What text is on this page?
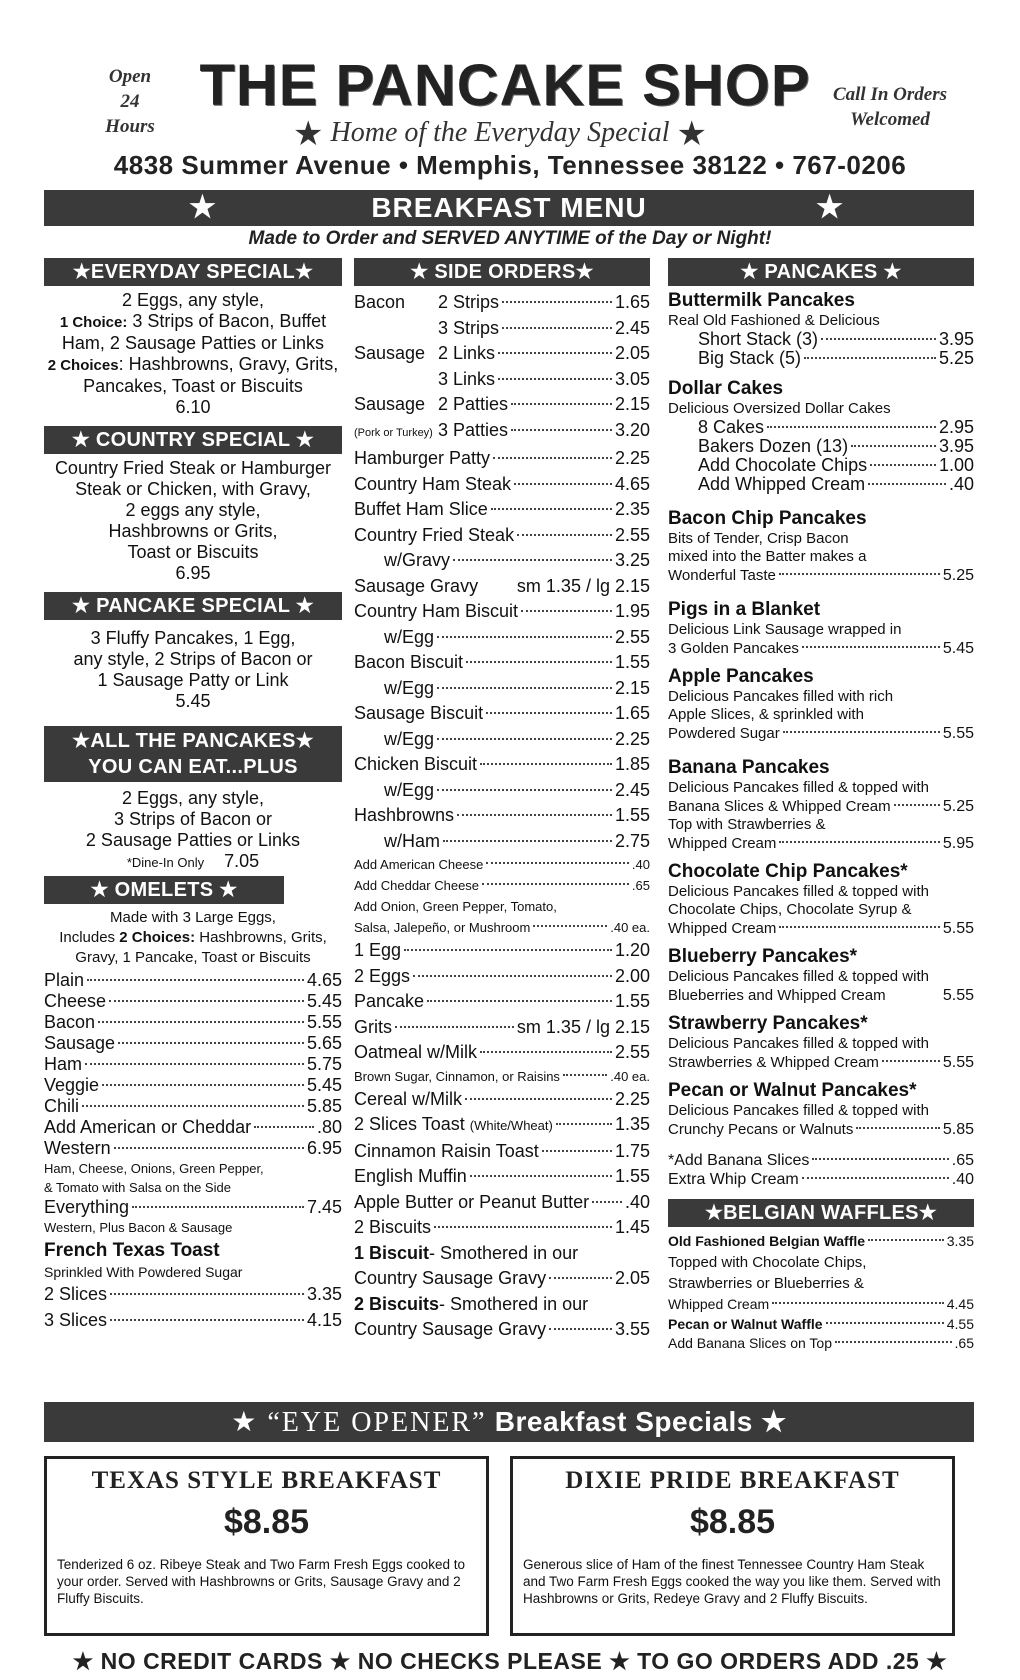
Open
24
Hours
THE PANCAKE SHOP	Call In Orders
Welcomed
★ Home of the Everyday Special ★
4838 Summer Avenue • Memphis, Tennessee 38122 • 767-0206
★	BREAKFAST MENU	★
Made to Order and SERVED ANYTIME of the Day or Night!
★EVERYDAY SPECIAL★
2 Eggs, any style,
1 Choice: 3 Strips of Bacon, Buffet
Ham, 2 Sausage Patties or Links
2 Choices: Hashbrowns, Gravy, Grits,
Pancakes, Toast or Biscuits
6.10
★ COUNTRY SPECIAL ★
Country Fried Steak or Hamburger
Steak or Chicken, with Gravy,
2 eggs any style,
Hashbrowns or Grits,
Toast or Biscuits
6.95
★ PANCAKE SPECIAL ★
3 Fluffy Pancakes, 1 Egg,
any style, 2 Strips of Bacon or
1 Sausage Patty or Link
5.45
★ALL THE PANCAKES★
YOU CAN EAT...PLUS
2 Eggs, any style,
3 Strips of Bacon or
2 Sausage Patties or Links
*Dine-In Only 7.05
★ OMELETS ★
Made with 3 Large Eggs,
Includes 2 Choices: Hashbrowns, Grits,
Gravy, 1 Pancake, Toast or Biscuits
Plain	4.65
Cheese	5.45
Bacon	5.55
Sausage	5.65
Ham	5.75
Veggie	5.45
Chili	5.85
Add American or Cheddar	.80
Western	6.95
Ham, Cheese, Onions, Green Pepper,
& Tomato with Salsa on the Side
Everything	7.45
Western, Plus Bacon & Sausage
French Texas Toast
Sprinkled With Powdered Sugar
2 Slices	3.35
3 Slices	4.15
★ SIDE ORDERS★
Bacon	2 Strips	1.65
3 Strips	2.45
Sausage 2 Links	2.05
3 Links	3.05
Sausage 2 Patties	2.15
(Pork or Turkey) 3 Patties	3.20
Hamburger Patty	2.25
Country Ham Steak	4.65
Buffet Ham Slice	2.35
Country Fried Steak	2.55
w/Gravy	3.25
Sausage Gravy sm 1.35 / lg 2.15
Country Ham Biscuit	1.95
w/Egg	2.55
Bacon Biscuit	1.55
w/Egg	2.15
Sausage Biscuit	1.65
w/Egg	2.25
Chicken Biscuit	1.85
w/Egg	2.45
Hashbrowns	1.55
w/Ham	2.75
Add American Cheese	.40
Add Cheddar Cheese	.65
Add Onion, Green Pepper, Tomato,
Salsa, Jalepeño, or Mushroom	.40 ea.
1 Egg	1.20
2 Eggs	2.00
Pancake	1.55
Grits	sm 1.35 / lg 2.15
Oatmeal w/Milk	2.55
Brown Sugar, Cinnamon, or Raisins	.40 ea.
Cereal w/Milk	2.25
2 Slices Toast
(White/Wheat)	1.35
Cinnamon Raisin Toast	1.75
English Muffin	1.55
Apple Butter or Peanut Butter .40
2 Biscuits	1.45
1 Biscuit - Smothered in our
Country Sausage Gravy	2.05
2 Biscuits - Smothered in our
Country Sausage Gravy	3.55
★ PANCAKES ★
Buttermilk Pancakes
Real Old Fashioned & Delicious
Short Stack (3)	3.95
Big Stack (5)	5.25
Dollar Cakes
Delicious Oversized Dollar Cakes
8 Cakes	2.95
Bakers Dozen (13)	3.95
Add Chocolate Chips	1.00
Add Whipped Cream	.40
Bacon Chip Pancakes
Bits of Tender, Crisp Bacon
mixed into the Batter makes a
Wonderful Taste	5.25
Pigs in a Blanket
Delicious Link Sausage wrapped in
3 Golden Pancakes	5.45
Apple Pancakes
Delicious Pancakes filled with rich
Apple Slices, & sprinkled with
Powdered Sugar	5.55
Banana Pancakes
Delicious Pancakes filled & topped with
Banana Slices & Whipped Cream	5.25
Top with Strawberries &
Whipped Cream	5.95
Chocolate Chip Pancakes*
Delicious Pancakes filled & topped with
Chocolate Chips, Chocolate Syrup &
Whipped Cream	5.55
Blueberry Pancakes*
Delicious Pancakes filled & topped with
Blueberries and Whipped Cream	5.55
Strawberry Pancakes*
Delicious Pancakes filled & topped with
Strawberries & Whipped Cream	5.55
Pecan or Walnut Pancakes*
Delicious Pancakes filled & topped with
Crunchy Pecans or Walnuts	5.85
*Add Banana Slices	.65
Extra Whip Cream	.40
★BELGIAN WAFFLES★
Old Fashioned Belgian Waffle	3.35
Topped with Chocolate Chips,
Strawberries or Blueberries &
Whipped Cream	4.45
Pecan or Walnut Waffle	4.55
Add Banana Slices on Top	.65
★ “EYE OPENER” Breakfast Specials ★
TEXAS STYLE BREAKFAST
$8.85
Tenderized 6 oz. Ribeye Steak and Two Farm Fresh Eggs cooked to your order. Served with Hashbrowns or Grits, Sausage Gravy and 2 Fluffy Biscuits.
DIXIE PRIDE BREAKFAST
$8.85
Generous slice of Ham of the finest Tennessee Country Ham Steak and Two Farm Fresh Eggs cooked the way you like them. Served with Hashbrowns or Grits, Redeye Gravy and 2 Fluffy Biscuits.
★ NO CREDIT CARDS ★ NO CHECKS PLEASE ★ TO GO ORDERS ADD .25 ★
